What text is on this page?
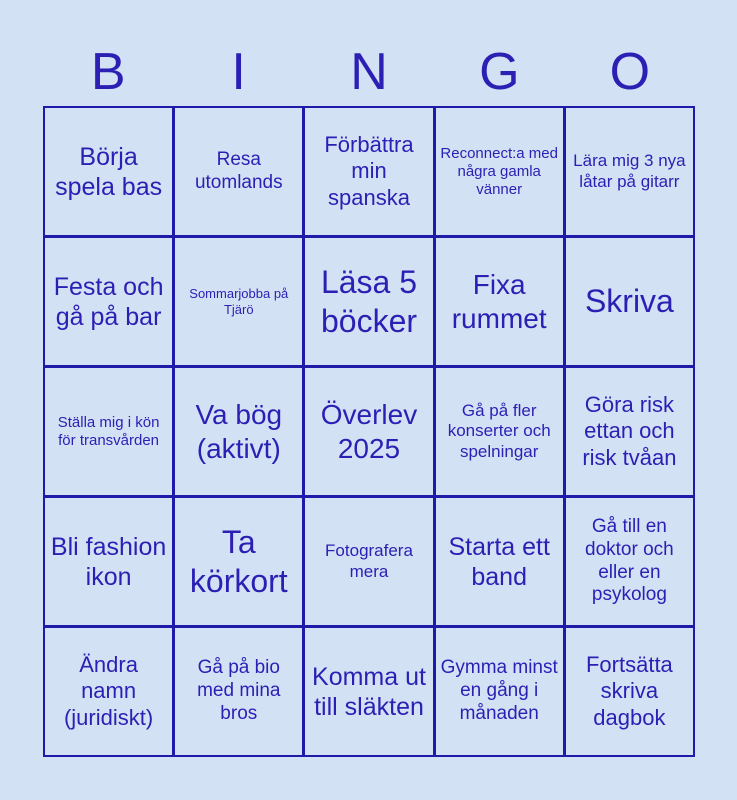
B	I	N	G	O
Börja spela bas
Resa utomlands
Förbättra min spanska
Reconnect:a med några gamla vänner
Lära mig 3 nya låtar på gitarr
Festa och gå på bar
Sommarjobba på Tjärö
Läsa 5 böcker
Fixa rummet	Skriva
Ställa mig i kön för transvården
Va bög (aktivt)
Överlev 2025
Gå på fler konserter och spelningar
Göra risk ettan och risk tvåan
Bli fashion ikon
Ta körkort
Fotografera mera
Starta ett band
Gå till en doktor och eller en psykolog
Ändra namn (juridiskt)
Gå på bio med mina bros
Komma ut till släkten
Gymma minst en gång i månaden
Fortsätta skriva dagbok
